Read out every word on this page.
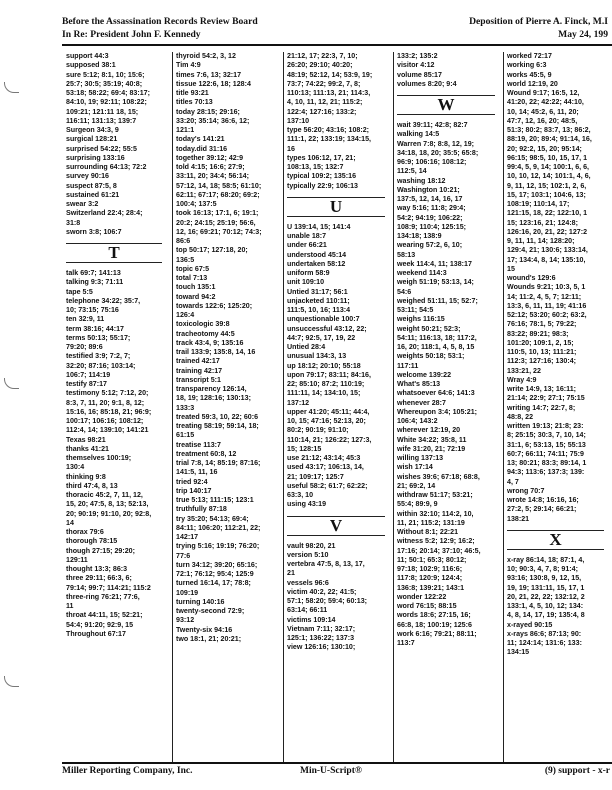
Before the Assassination Records Review Board	Deposition of Pierre A. Finck, M.I
In Re: President John F. Kennedy	May 24, 199
support 44:3
supposed 38:1
sure 5:12; 8:1, 10; 15:6;
25:7; 30:5; 35:19; 40:8;
53:18; 58:22; 69:4; 83:17;
84:10, 19; 92:11; 108:22;
109:21; 121:11 18, 15;
116:11; 131:13; 139:7
Surgeon 34:3, 9
surgical 128:21
surprised 54:22; 55:5
surprising 133:16
surrounding 64:13; 72:2
survey 90:16
suspect 87:5, 8
sustained 61:21
swear 3:2
Switzerland 22:4; 28:4;
31:8
sworn 3:8; 106:7
T
talk 69:7; 141:13
talking 9:3; 71:11
tape 5:5
telephone 34:22; 35:7,
10; 73:15; 75:16
ten 32:9, 11
term 38:16; 44:17
terms 50:13; 55:17;
79:20; 89:6
testified 3:9; 7:2, 7;
32:20; 87:16; 103:14;
106:7; 114:19
testify 87:17
testimony 5:12; 7:12, 20;
8:3, 7, 11, 20; 9:1, 8, 12;
15:16, 16; 85:18, 21; 96:9;
100:17; 106:16; 108:12;
112:4, 14; 139:10; 141:21
Texas 98:21
thanks 41:21
themselves 100:19;
130:4
thinking 9:8
third 47:4, 8, 13
thoracic 45:2, 7, 11, 12,
15, 20; 47:5, 8, 13; 52:13,
20; 90:19; 91:10, 20; 92:8,
14
thorax 79:6
thorough 78:15
though 27:15; 29:20;
129:11
thought 13:3; 86:3
three 29:11; 66:3, 6;
79:14; 99:7; 114:21; 115:2
three-ring 76:21; 77:6,
11
throat 44:11, 15; 52:21;
54:4; 91:20; 92:9, 15
Throughout 67:17
thyroid 54:2, 3, 12
Tim 4:9
times 7:6, 13; 32:17
tissue 122:6, 18; 128:4
title 93:21
titles 70:13
today 28:15; 29:16;
33:20; 35:14; 36:6, 12;
121:1
today's 141:21
today.did 31:16
together 39:12; 42:9
told 4:15; 16:6; 27:9;
33:11, 20; 34:4; 56:14;
57:12, 14, 18; 58:5; 61:10;
62:11; 67:17; 68:20; 69:2;
100:4; 137:5
took 16:13; 17:1, 6; 19:1;
20:2; 24:15; 25:19; 56:6,
12, 16; 69:21; 70:12; 74:3;
86:6
top 50:17; 127:18, 20;
136:5
topic 67:5
total 7:13
touch 135:1
toward 94:2
towards 122:6; 125:20;
126:4
toxicologic 39:8
tracheotomy 44:5
track 43:4, 9; 135:16
trail 133:9; 135:8, 14, 16
trained 42:17
training 42:17
transcript 5:1
transparency 126:14,
18, 19; 128:16; 130:13;
133:3
treated 59:3, 10, 22; 60:6
treating 58:19; 59:14, 18;
61:15
treatise 113:7
treatment 60:8, 12
trial 7:8, 14; 85:19; 87:16;
141:5, 11, 16
tried 92:4
trip 140:17
true 5:13; 111:15; 123:1
truthfully 87:18
try 35:20; 54:13; 69:4;
84:11; 106:20; 112:21, 22;
142:17
trying 5:16; 19:19; 76:20;
77:6
turn 34:12; 39:20; 65:16;
72:1; 76:12; 95:4; 125:9
turned 16:14, 17; 78:8;
109:19
turning 140:16
twenty-second 72:9;
93:12
Twenty-six 94:16
two 18:1, 21; 20:21;
21:12, 17; 22:3, 7, 10;
26:20; 29:10; 40:20;
48:19; 52:12, 14; 53:9, 19;
73:7; 74:22; 99:2, 7, 8;
110:13; 111:13, 21; 114:3,
4, 10, 11, 12, 21; 115:2;
122:4; 127:16; 133:2;
137:10
type 56:20; 43:16; 108:2;
111:1, 22; 133:19; 134:15,
16
types 106:12, 17, 21;
108:13, 15; 132:7
typical 109:2; 135:16
typically 22:9; 106:13
U
U 139:14, 15; 141:4
unable 18:7
under 66:21
understood 45:14
undertaken 58:12
uniform 58:9
unit 109:10
Untied 31:17; 56:1
unjacketed 110:11;
111:5, 10, 16; 113:4
unquestionable 100:7
unsuccessful 43:12, 22;
44:7; 92:5, 17, 19, 22
Untied 28:4
unusual 134:3, 13
up 18:12; 20:10; 55:18
upon 79:17; 83:11; 84:16,
22; 85:10; 87:2; 110:19;
111:11, 14; 134:10, 15;
137:12
upper 41:20; 45:11; 44:4,
10, 15; 47:16; 52:13, 20;
80:2; 90:19; 91:10;
110:14, 21; 126:22; 127:3,
15; 128:15
use 21:12; 43:14; 45:3
used 43:17; 106:13, 14,
21; 109:17; 125:7
useful 58:2; 61:7; 62:22;
63:3, 10
using 43:19
V
vault 98:20, 21
version 5:10
vertebra 47:5, 8, 13, 17,
21
vessels 96:6
victim 40:2, 22; 41:5;
57:1; 58:20; 59:4; 60:13;
63:14; 66:11
victims 109:14
Vietnam 7:11; 32:17;
125:1; 136:22; 137:3
view 126:16; 130:10;
133:2; 135:2
visitor 4:12
volume 85:17
volumes 8:20; 9:4
W
wait 39:11; 42:8; 82:7
walking 14:5
Warren 7:8; 8:8, 12, 19;
34:18, 18, 20; 35:5; 65:8;
96:9; 106:16; 108:12;
112:5, 14
washing 18:12
Washington 10:21;
137:5, 12, 14, 16, 17
way 5:16; 11:8; 29:4;
54:2; 94:19; 106:22;
108:9; 110:4; 125:15;
134:18; 138:9
wearing 57:2, 6, 10;
58:13
week 114:4, 11; 138:17
weekend 114:3
weigh 51:19; 53:13, 14;
54:6
weighed 51:11, 15; 52:7;
53:11; 54:5
weighs 116:15
weight 50:21; 52:3;
54:11; 116:13, 18; 117:2,
16, 20; 118:1, 4, 5, 8, 15
weights 50:18; 53:1;
117:11
welcome 139:22
What's 85:13
whatsoever 64:6; 141:3
whenever 28:7
Whereupon 3:4; 105:21;
106:4; 143:2
wherever 12:19, 20
White 34:22; 35:8, 11
wife 31:20, 21; 72:19
willing 137:13
wish 17:14
wishes 39:6; 67:18; 68:8,
21; 69:2, 14
withdraw 51:17; 53:21;
55:4; 89:9, 9
within 32:10; 114:2, 10,
11, 21; 115:2; 131:19
Without 8:1; 22:21
witness 5:2; 12:9; 16:2;
17:16; 20:14; 37:10; 46:5,
11; 50:1; 65:3; 80:12;
97:18; 102:9; 116:6;
117:8; 120:9; 124:4;
136:8; 139:21; 143:1
wonder 122:22
word 76:15; 88:15
words 18:6; 27:15, 16;
66:8, 18; 100:19; 125:6
work 6:16; 79:21; 88:11;
113:7
worked 72:17
working 6:3
works 45:5, 9
world 12:19, 20
Wound 9:17; 16:5, 12,
41:20, 22; 42:22; 44:10,
10, 14; 45:2, 6, 11, 20;
47:7, 12, 16, 20; 48:5,
51:3; 80:2; 83:7, 13; 86:2,
88:19, 20; 89:4; 91:14, 16,
20; 92:2, 15, 20; 95:14;
96:15; 98:5, 10, 15, 17, 1
99:4, 5, 9, 14; 100:1, 6, 6,
10, 10, 12, 14; 101:1, 4, 6,
9, 11, 12, 15; 102:1, 2, 6,
15, 17; 103:1; 104:6, 13;
108:19; 110:14, 17;
121:15, 18, 22; 122:10, 1
15; 123:16, 21; 124:8;
126:16, 20, 21, 22; 127:2
9, 11, 11, 14; 128:20;
129:4, 21; 130:6; 133:14,
17; 134:4, 8, 14; 135:10,
15
wound's 129:6
Wounds 9:21; 10:3, 5, 1
14; 11:2, 4, 5, 7; 12:11;
13:3, 6, 11, 11, 19; 41:16
52:12; 53:20; 60:2; 63:2,
76:16; 78:1, 5; 79:22;
83:22; 89:21; 98:3;
101:20; 109:1, 2, 15;
110:5, 10, 13; 111:21;
112:3; 127:16; 130:4;
133:21, 22
Wray 4:9
write 14:9, 13; 16:11;
21:14; 22:9; 27:1; 75:15
writing 14:7; 22:7, 8;
48:8, 22
written 19:13; 21:8; 23:
8; 25:15; 30:3, 7, 10, 14;
31:1, 6; 53:13, 15; 55:13
60:7; 66:11; 74:11; 75:9
13; 80:21; 83:3; 89:14, 1
94:3; 113:6; 137:3; 139:
4, 7
wrong 70:7
wrote 14:8; 16:16, 16;
27:2, 5; 29:14; 66:21;
138:21
X
x-ray 86:14, 18; 87:1, 4,
10; 90:3, 4, 7, 8; 91:4;
93:16; 130:8, 9, 12, 15,
19, 19; 131:11, 15, 17, 1
20, 21, 22, 22; 132:12, 2
133:1, 4, 5, 10, 12; 134:
4, 8, 14, 17, 19; 135:4, 8
x-rayed 90:15
x-rays 86:6; 87:13; 90:
11; 124:14; 131:6; 133:
134:15
Miller Reporting Company, Inc.	Min-U-Script®	(9) support - x-r
